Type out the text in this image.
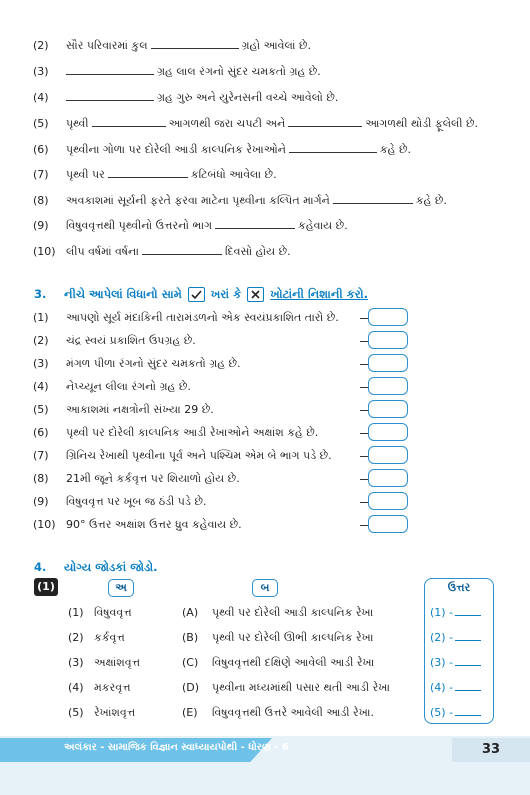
(2) સૌર પરિવારમાં કુલ	ગ્રહો આવેલાં છે.
(3)	ગ્રહ લાલ રંગનો સુંદર ચમકતો ગ્રહ છે.
(4)	ગ્રહ ગુરુ અને યુરેનસની વચ્ચે આવેલો છે.
(5) પૃથ્વી	આગળથી જરા ચપટી અને	આગળથી થોડી ફૂલેલી છે.
(6) પૃથ્વીના ગોળા પર દોરેલી આડી કાલ્પનિક રેખાઓને	કહે છે.
(7) પૃથ્વી પર	કટિબંધો આવેલા છે.
(8) અવકાશમાં સૂર્યની ફરતે ફરવા માટેના પૃથ્વીના કલ્પિત માર્ગને	કહે છે.
(9) વિષુવવૃત્તથી પૃથ્વીનો ઉત્તરનો ભાગ	કહેવાય છે.
(10) લીપ વર્ષમાં વર્ષના	દિવસો હોય છે.
3. નીચે આપેલાં વિધાનો સામે	ખરાં કે ☒ ખોટાંની નિશાની કરો.
(1) આપણો સૂર્ય મંદાકિની તારામંડળનો એક સ્વયંપ્રકાશિત તારો છે.
(2) ચંદ્ર સ્વયં પ્રકાશિત ઉપગ્રહ છે.
(3) મંગળ પીળા રંગનો સુંદર ચમકતો ગ્રહ છે.
(4) નેપ્ચ્યૂન લીલા રંગનો ગ્રહ છે.
(5) આકાશમાં નક્ષત્રોની સંખ્યા 29 છે.
(6) પૃથ્વી પર દોરેલી કાલ્પનિક આડી રેખાઓને અક્ષાંશ કહે છે.
(7) ગ્રિનિચ રેખાથી પૃથ્વીના પૂર્વ અને પશ્ચિમ એમ બે ભાગ પડે છે.
(8) 21મી જૂને કર્કવૃત્ત પર શિયાળો હોય છે.
(9) વિષુવવૃત્ત પર ખૂબ જ ઠંડી પડે છે.
(10) 90° ઉત્તર અક્ષાંશ ઉત્તર ધ્રુવ કહેવાય છે.
4. યોગ્ય જોડકાં જોડો.
(1)	અ	બ	ઉત્તર
(1) વિષુવવૃત્ત	(A) પૃથ્વી પર દોરેલી આડી કાલ્પનિક રેખા	(1) -
(2) કર્કવૃત્ત	(B) પૃથ્વી પર દોરેલી ઊભી કાલ્પનિક રેખા	(2) -
(3) અક્ષાંશવૃત્ત	(C) વિષુવવૃત્તથી દક્ષિણે આવેલી આડી રેખા	(3) -
(4) મકરવૃત્ત	(D) પૃથ્વીના મધ્યમાંથી પસાર થતી આડી રેખા	(4) -
(5) રેખાંશવૃત્ત	(E) વિષુવવૃત્તથી ઉત્તરે આવેલી આડી રેખા.	(5) -
અલંકાર - સામાજિક વિજ્ઞાન સ્વાધ્યાયપોથી - ધોરણ - 6	33
